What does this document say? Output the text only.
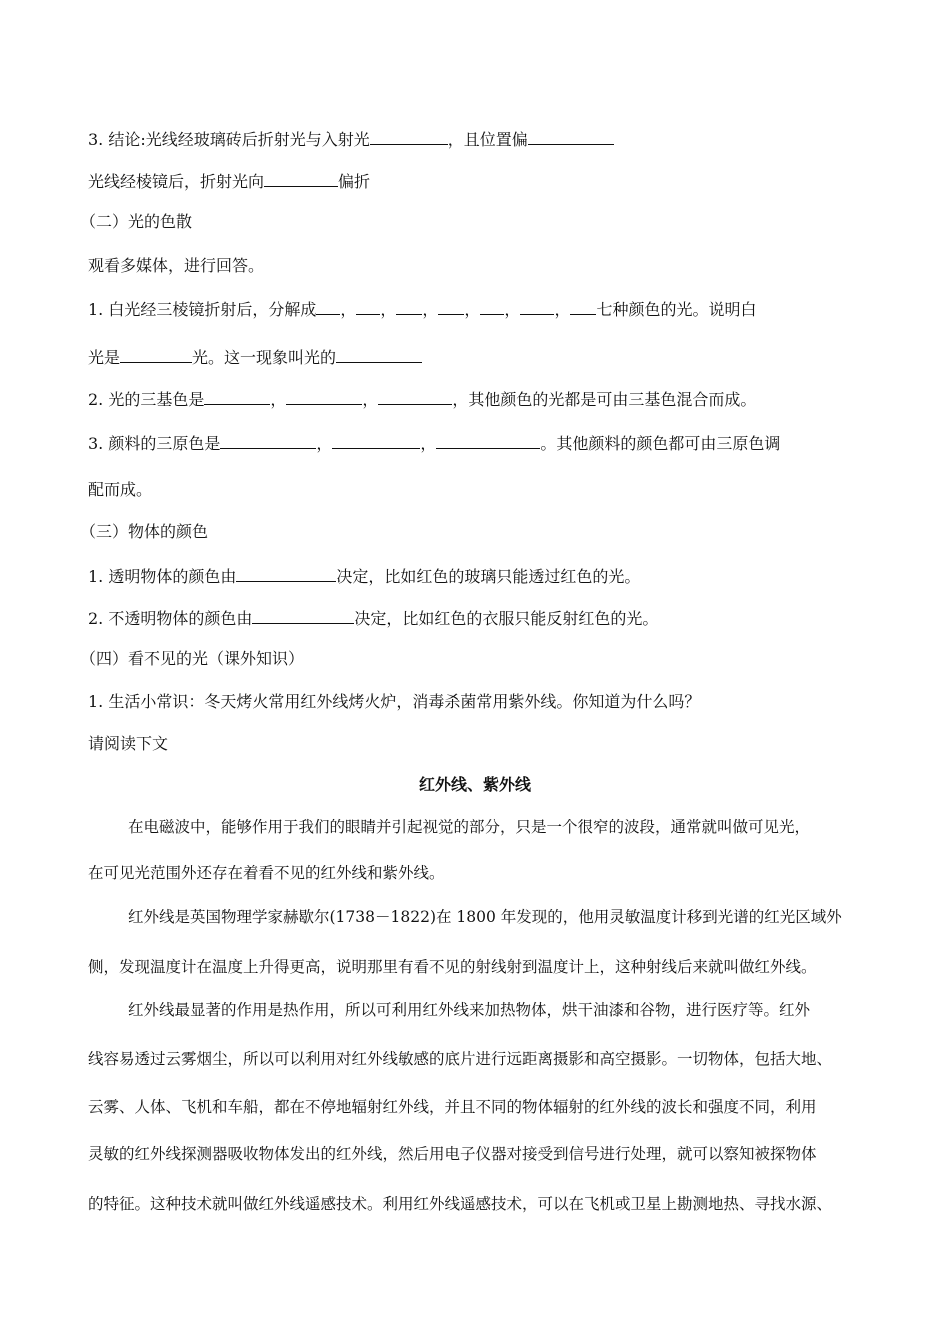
3. 结论:光线经玻璃砖后折射光与入射光	，且位置偏
光线经棱镜后，折射光向	偏折
（二）光的色散
观看多媒体，进行回答。
1. 白光经三棱镜折射后，分解成 ， ， ， ， ， ， 七种颜色的光。说明白
光是	光。这一现象叫光的
2. 光的三基色是	，	，	，其他颜色的光都是可由三基色混合而成。
3. 颜料的三原色是	，	，	。其他颜料的颜色都可由三原色调
配而成。
（三）物体的颜色
1. 透明物体的颜色由	决定，比如红色的玻璃只能透过红色的光。
2. 不透明物体的颜色由	决定，比如红色的衣服只能反射红色的光。
（四）看不见的光（课外知识）
1. 生活小常识：冬天烤火常用红外线烤火炉，消毒杀菌常用紫外线。你知道为什么吗？
请阅读下文
红外线、紫外线
在电磁波中，能够作用于我们的眼睛并引起视觉的部分，只是一个很窄的波段，通常就叫做可见光，
在可见光范围外还存在着看不见的红外线和紫外线。
红外线是英国物理学家赫歇尔(1738－1822)在 1800 年发现的，他用灵敏温度计移到光谱的红光区域外
侧，发现温度计在温度上升得更高，说明那里有看不见的射线射到温度计上，这种射线后来就叫做红外线。
红外线最显著的作用是热作用，所以可利用红外线来加热物体，烘干油漆和谷物，进行医疗等。红外
线容易透过云雾烟尘，所以可以利用对红外线敏感的底片进行远距离摄影和高空摄影。一切物体，包括大地、
云雾、人体、飞机和车船，都在不停地辐射红外线，并且不同的物体辐射的红外线的波长和强度不同，利用
灵敏的红外线探测器吸收物体发出的红外线，然后用电子仪器对接受到信号进行处理，就可以察知被探物体
的特征。这种技术就叫做红外线遥感技术。利用红外线遥感技术，可以在飞机或卫星上勘测地热、寻找水源、
